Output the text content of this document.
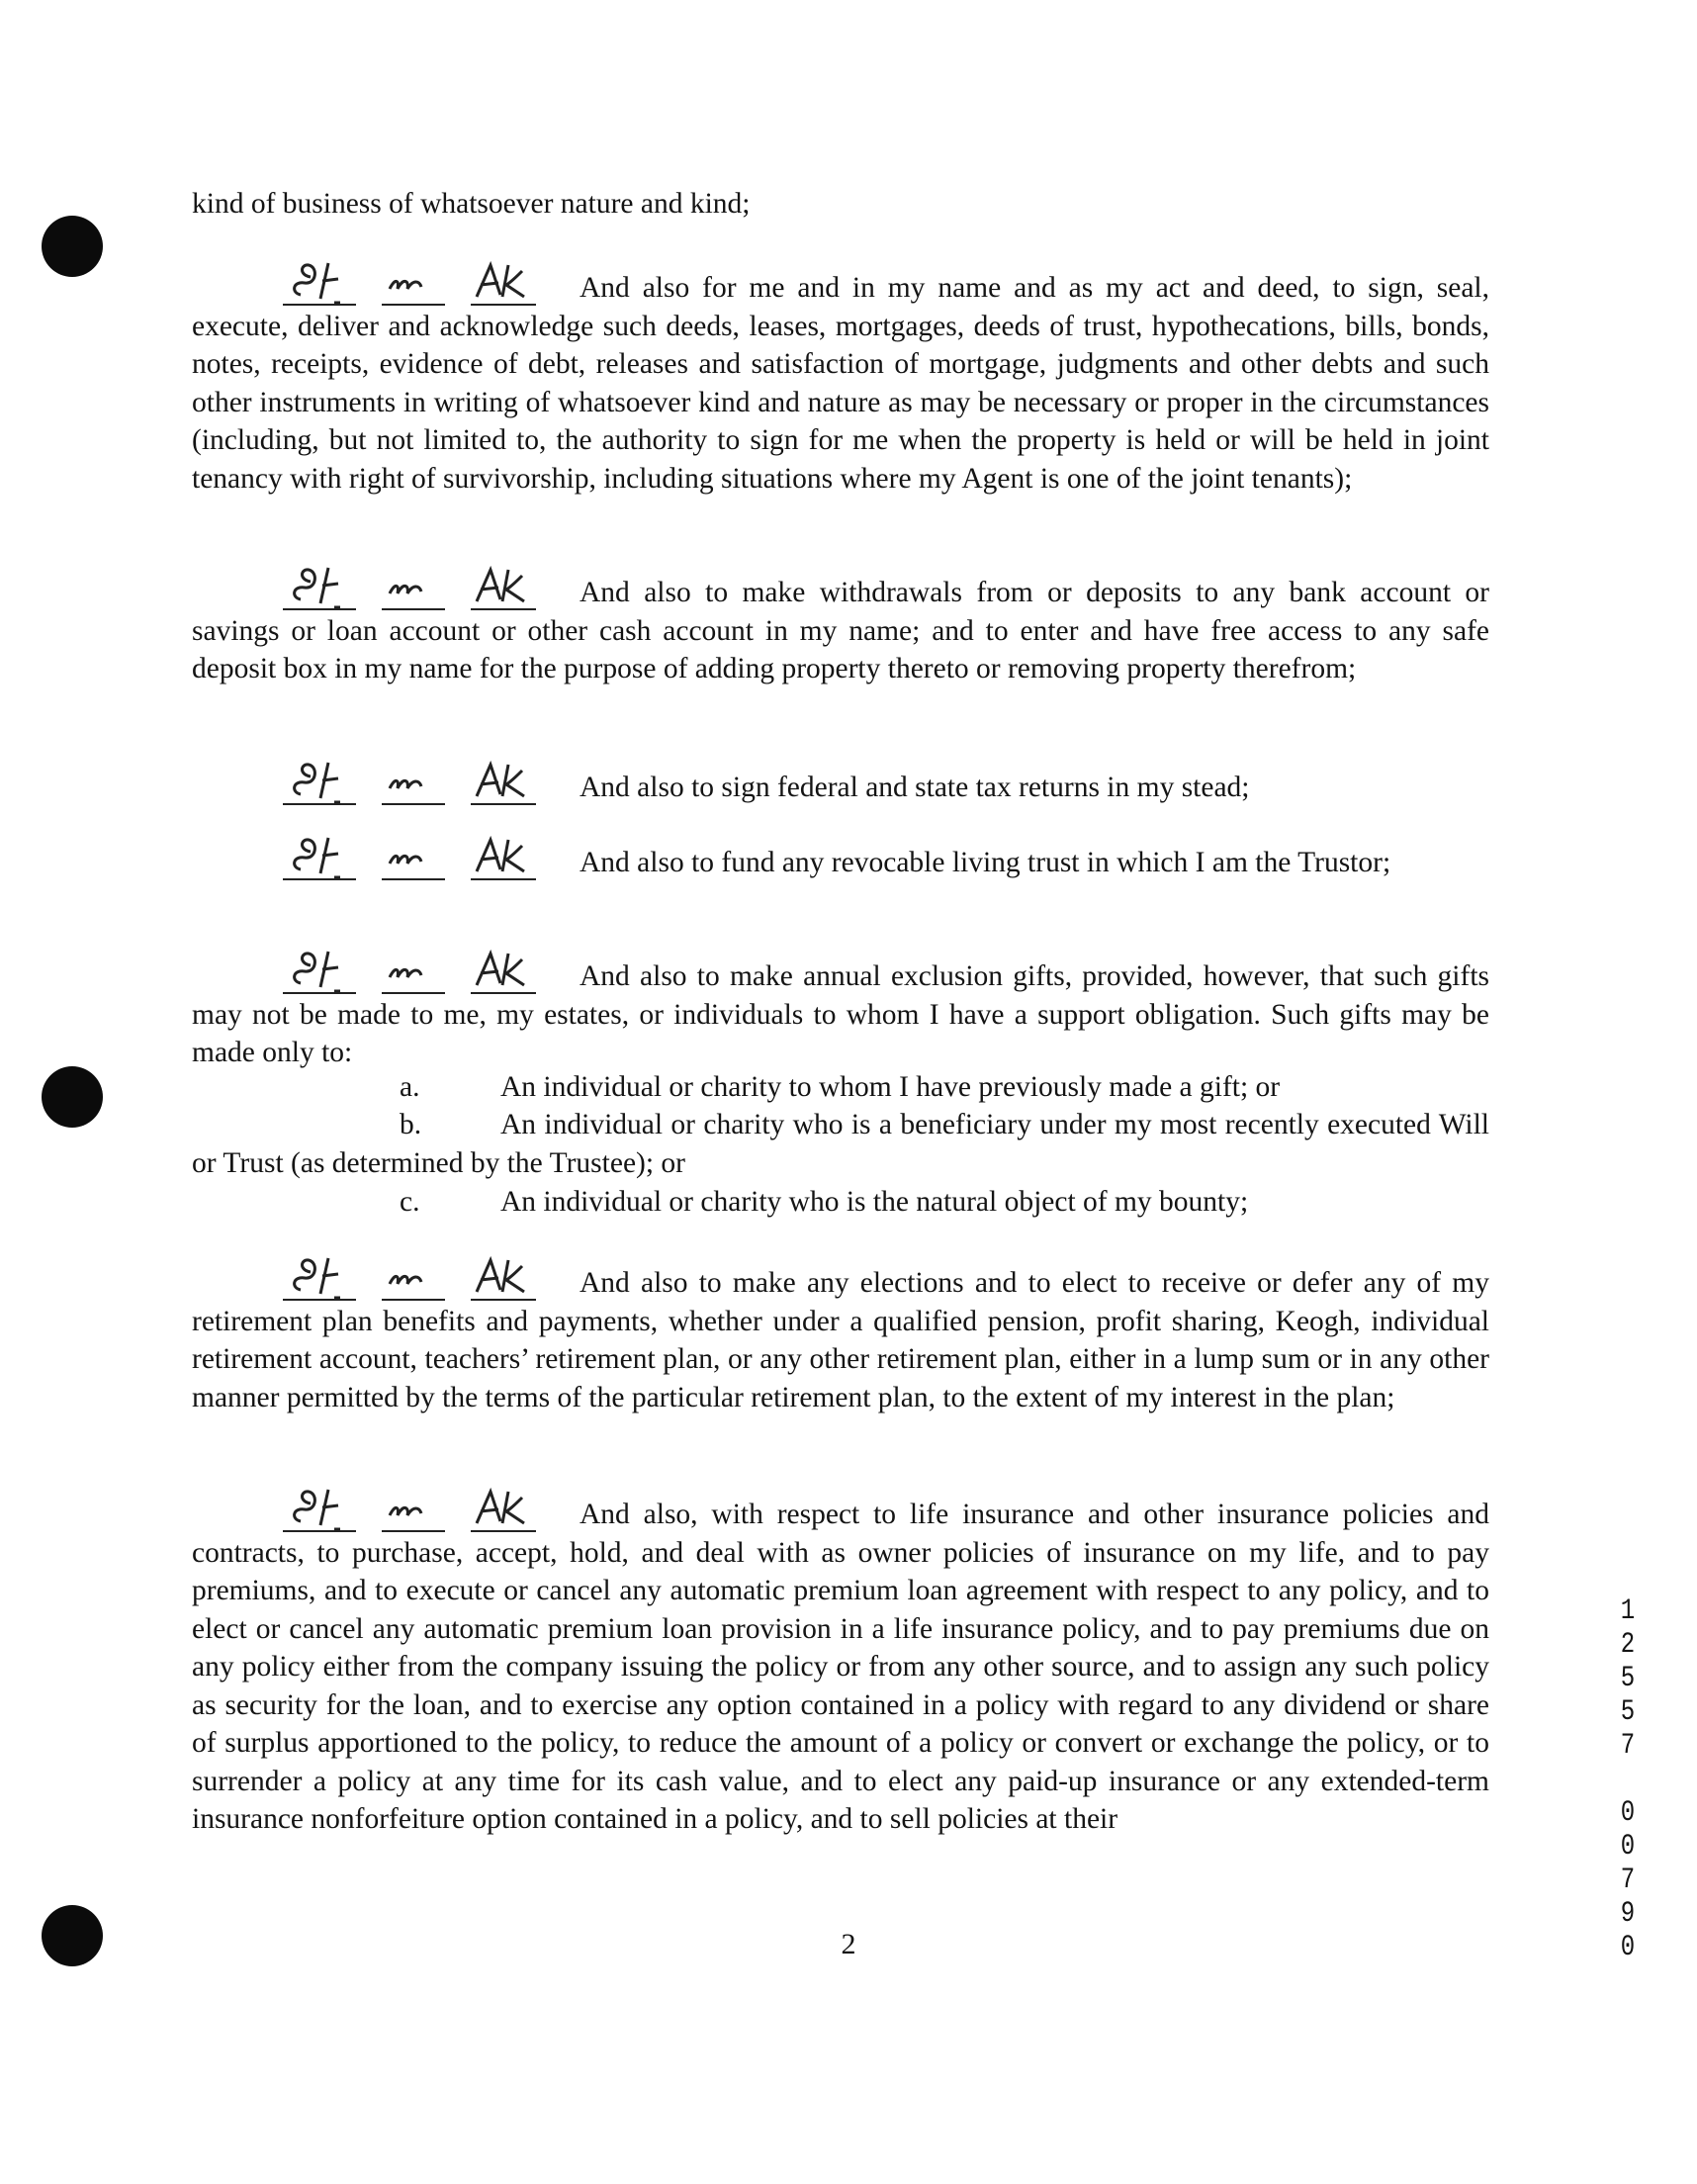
kind of business of whatsoever nature and kind;
And also for me and in my name and as my act and deed, to sign, seal, execute, deliver and acknowledge such deeds, leases, mortgages, deeds of trust, hypothecations, bills, bonds, notes, receipts, evidence of debt, releases and satisfaction of mortgage, judgments and other debts and such other instruments in writing of whatsoever kind and nature as may be necessary or proper in the circumstances (including, but not limited to, the authority to sign for me when the property is held or will be held in joint tenancy with right of survivorship, including situations where my Agent is one of the joint tenants);
And also to make withdrawals from or deposits to any bank account or savings or loan account or other cash account in my name; and to enter and have free access to any safe deposit box in my name for the purpose of adding property thereto or removing property therefrom;
And also to sign federal and state tax returns in my stead;
And also to fund any revocable living trust in which I am the Trustor;
And also to make annual exclusion gifts, provided, however, that such gifts may not be made to me, my estates, or individuals to whom I have a support obligation. Such gifts may be made only to:
a.	An individual or charity to whom I have previously made a gift; or
b.	An individual or charity who is a beneficiary under my most recently executed Will or Trust (as determined by the Trustee); or
c.	An individual or charity who is the natural object of my bounty;
And also to make any elections and to elect to receive or defer any of my retirement plan benefits and payments, whether under a qualified pension, profit sharing, Keogh, individual retirement account, teachers’ retirement plan, or any other retirement plan, either in a lump sum or in any other manner permitted by the terms of the particular retirement plan, to the extent of my interest in the plan;
And also, with respect to life insurance and other insurance policies and contracts, to purchase, accept, hold, and deal with as owner policies of insurance on my life, and to pay premiums, and to execute or cancel any automatic premium loan agreement with respect to any policy, and to elect or cancel any automatic premium loan provision in a life insurance policy, and to pay premiums due on any policy either from the company issuing the policy or from any other source, and to assign any such policy as security for the loan, and to exercise any option contained in a policy with regard to any dividend or share of surplus apportioned to the policy, to reduce the amount of a policy or convert or exchange the policy, or to surrender a policy at any time for its cash value, and to elect any paid-up insurance or any extended-term insurance nonforfeiture option contained in a policy, and to sell policies at their
2
1
2
5
5
7
0
0
7
9
0
